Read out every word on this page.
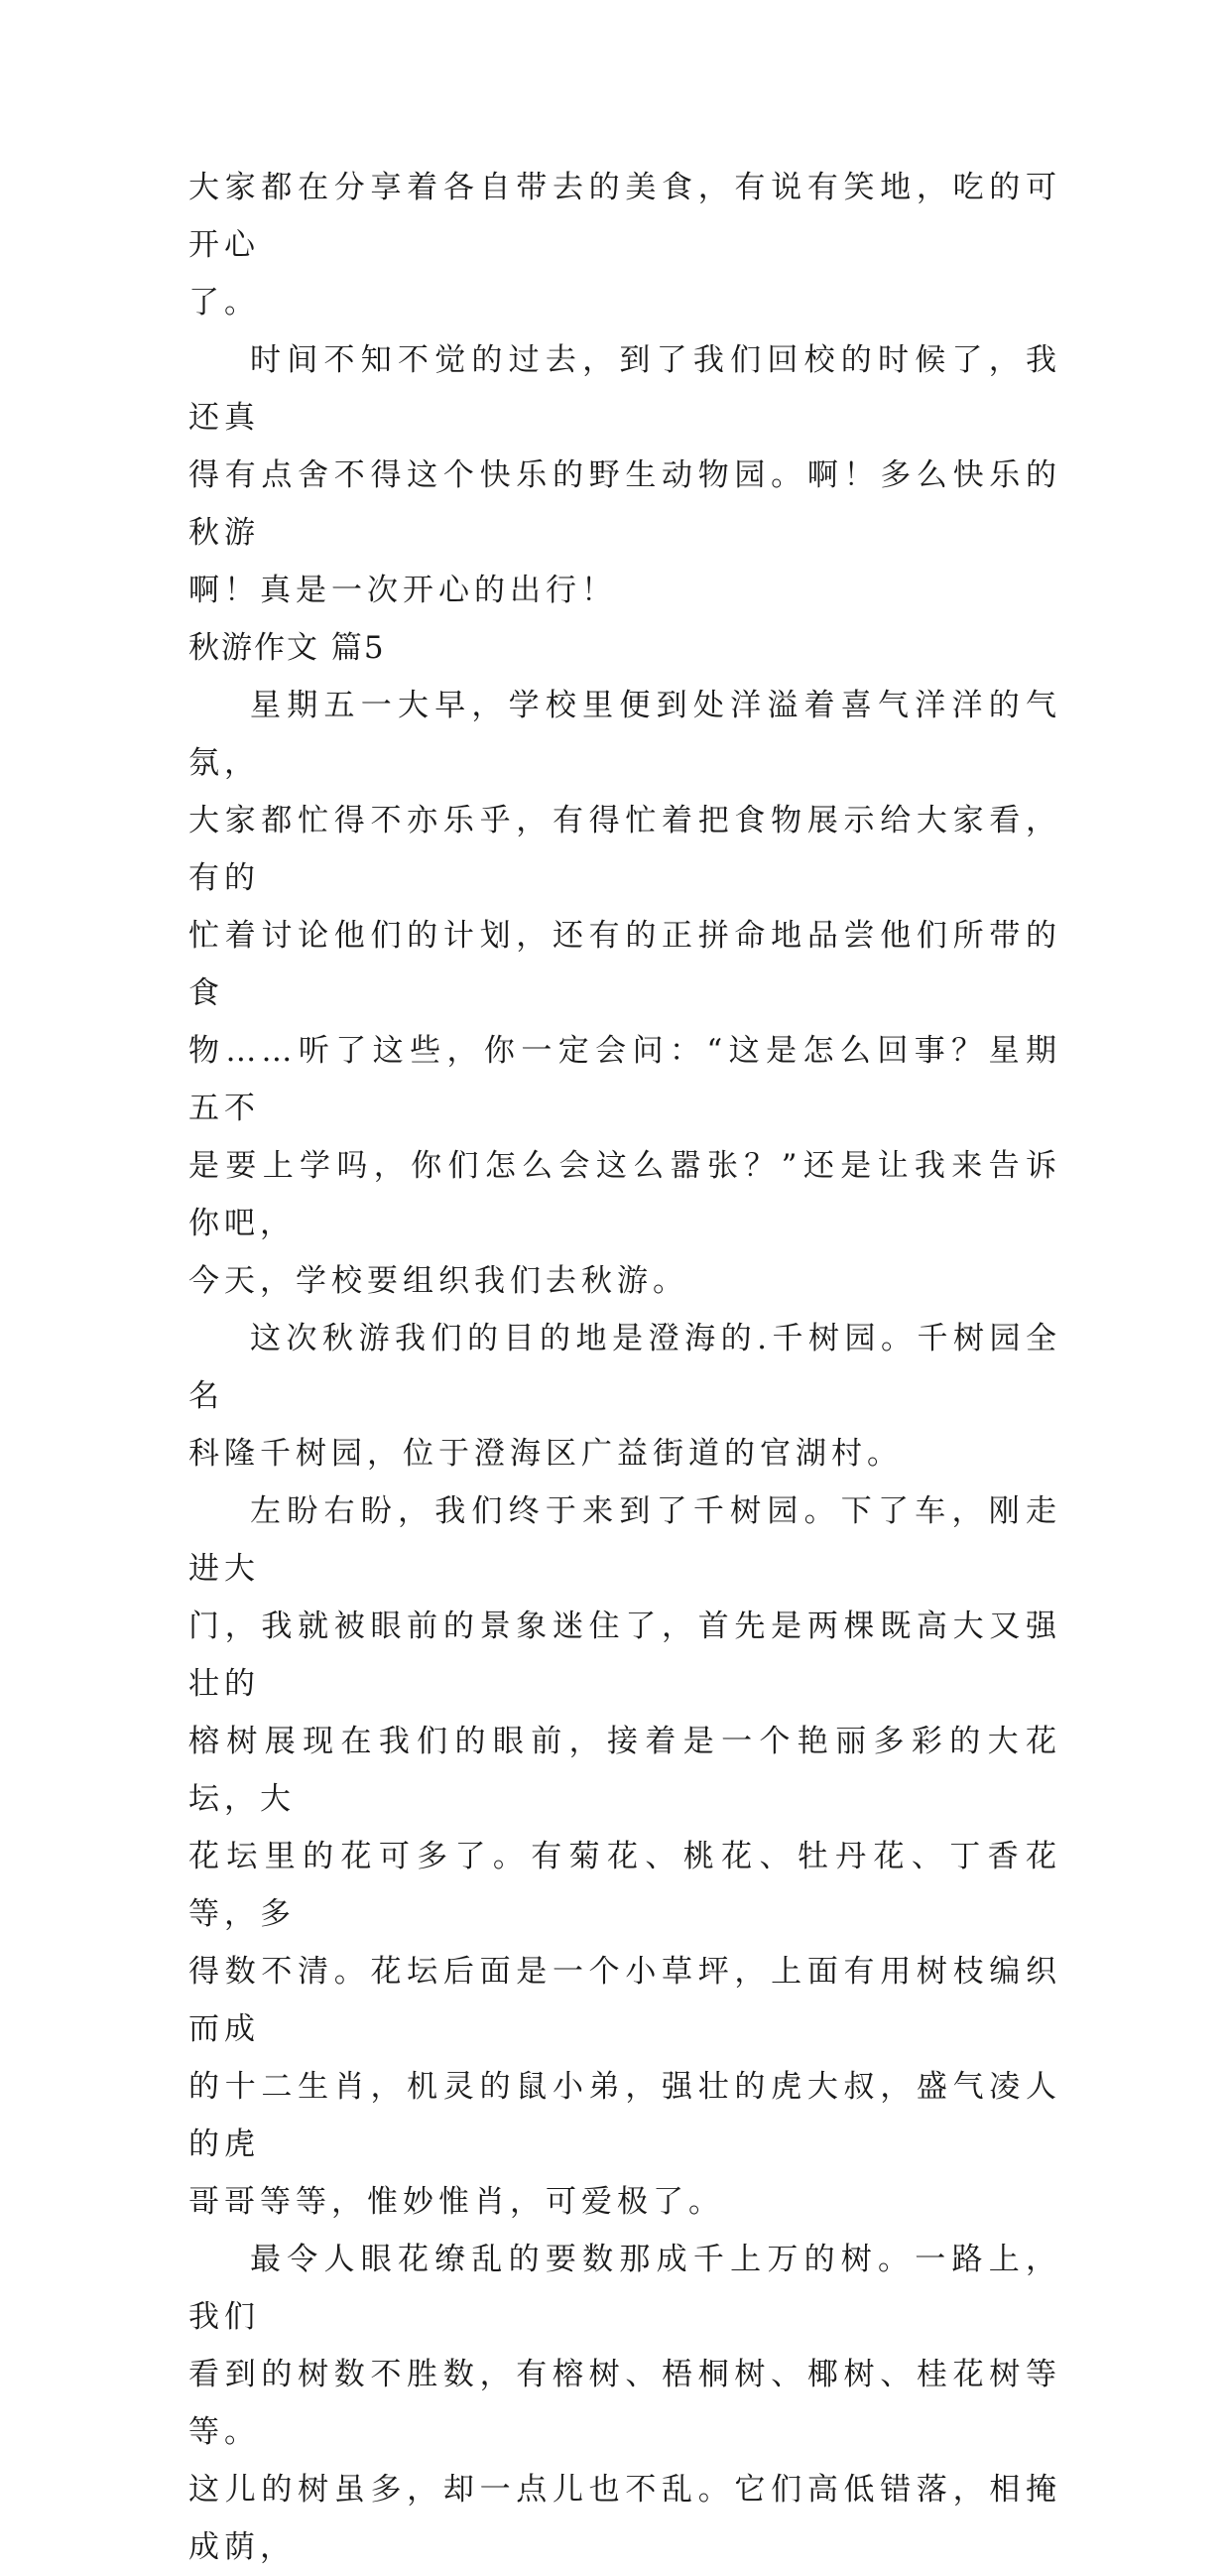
大家都在分享着各自带去的美食，有说有笑地，吃的可开心
了。

时间不知不觉的过去，到了我们回校的时候了，我还真
得有点舍不得这个快乐的野生动物园。啊！多么快乐的秋游
啊！真是一次开心的出行！

秋游作文 篇5

星期五一大早，学校里便到处洋溢着喜气洋洋的气氛，
大家都忙得不亦乐乎，有得忙着把食物展示给大家看，有的
忙着讨论他们的计划，还有的正拼命地品尝他们所带的食
物……听了这些，你一定会问：“这是怎么回事？星期五不
是要上学吗，你们怎么会这么嚣张？”还是让我来告诉你吧，
今天，学校要组织我们去秋游。

这次秋游我们的目的地是澄海的.千树园。千树园全名
科隆千树园，位于澄海区广益街道的官湖村。

左盼右盼，我们终于来到了千树园。下了车，刚走进大
门，我就被眼前的景象迷住了，首先是两棵既高大又强壮的
榕树展现在我们的眼前，接着是一个艳丽多彩的大花坛，大
花坛里的花可多了。有菊花、桃花、牡丹花、丁香花等，多
得数不清。花坛后面是一个小草坪，上面有用树枝编织而成
的十二生肖，机灵的鼠小弟，强壮的虎大叔，盛气凌人的虎
哥哥等等，惟妙惟肖，可爱极了。

最令人眼花缭乱的要数那成千上万的树。一路上，我们
看到的树数不胜数，有榕树、梧桐树、椰树、桂花树等等。
这儿的树虽多，却一点儿也不乱。它们高低错落，相掩成荫，
